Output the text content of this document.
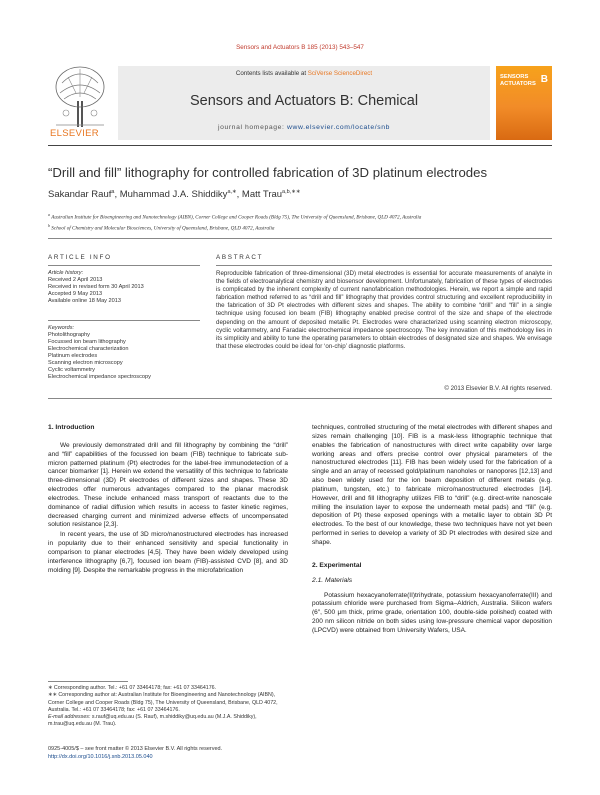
Sensors and Actuators B 185 (2013) 543–547
ELSEVIER
Contents lists available at SciVerse ScienceDirect
Sensors and Actuators B: Chemical
journal homepage: www.elsevier.com/locate/snb
SENSORS
ACTUATORS B
“Drill and fill” lithography for controlled fabrication of 3D platinum electrodes
Sakandar Rauf$^a$, Muhammad J.A. Shiddiky$^{a,∗}$, Matt Trau$^{a,b,∗∗}$
$^a$ Australian Institute for Bioengineering and Nanotechnology (AIBN), Corner College and Cooper Roads (Bldg 75), The University of Queensland, Brisbane, QLD 4072, Australia
$^b$ School of Chemistry and Molecular Biosciences, University of Queensland, Brisbane, QLD 4072, Australia
ARTICLE INFO	ABSTRACT
Article history:
Received 2 April 2013
Received in revised form 30 April 2013
Accepted 9 May 2013
Available online 18 May 2013
Keywords:
Photolithography
Focussed ion beam lithography
Electrochemical characterization
Platinum electrodes
Scanning electron microscopy
Cyclic voltammetry
Electrochemical impedance spectroscopy
Reproducible fabrication of three-dimensional (3D) metal electrodes is essential for accurate measurements of analyte in the fields of electroanalytical chemistry and biosensor development. Unfortunately, fabrication of these types of electrodes is complicated by the inherent complexity of current nanofabrication methodologies. Herein, we report a simple and rapid fabrication method referred to as “drill and fill” lithography that provides control structuring and excellent reproducibility in the fabrication of 3D Pt electrodes with different sizes and shapes. The ability to combine “drill” and “fill” in a single technique using focused ion beam (FIB) lithography enabled precise control of the size and shape of the electrode depending on the amount of deposited metallic Pt. Electrodes were characterized using scanning electron microscopy, cyclic voltammetry, and Faradaic electrochemical impedance spectroscopy. The key innovation of this methodology lies in its simplicity and ability to tune the operating parameters to obtain electrodes of designated size and shapes. We envisage that these electrodes could be ideal for ‘on-chip’ diagnostic platforms.
© 2013 Elsevier B.V. All rights reserved.
1. Introduction

We previously demonstrated drill and fill lithography by combining the “drill” and “fill” capabilities of the focussed ion beam (FIB) technique to fabricate sub-micron patterned platinum (Pt) electrodes for the label-free immunodetection of a cancer biomarker [1]. Herein we extend the versatility of this technique to fabricate three-dimensional (3D) Pt electrodes of different sizes and shapes. These 3D electrodes offer numerous advantages compared to the planar macrodisk electrodes. These include enhanced mass transport of reactants due to the dominance of radial diffusion which results in access to faster kinetic regimes, decreased charging current and minimized adverse effects of uncompensated solution resistance [2,3].

In recent years, the use of 3D micro/nanostructured electrodes has increased in popularity due to their enhanced sensitivity and special functionality in comparison to planar electrodes [4,5]. They have been widely developed using interference lithography [6,7], focused ion beam (FIB)-assisted CVD [8], and 3D molding [9]. Despite the remarkable progress in the microfabrication

techniques, controlled structuring of the metal electrodes with different shapes and sizes remain challenging [10]. FIB is a mask-less lithographic technique that enables the fabrication of nanostructures with direct write capability over large working areas and offers precise control over physical parameters of the nanostructured electrodes [11]. FIB has been widely used for the fabrication of a single and an array of recessed gold/platinum nanoholes or nanopores [12,13] and also been widely used for the ion beam deposition of different metals (e.g. platinum, tungsten, etc.) to fabricate micro/nanostructured electrodes [14]. However, drill and fill lithography utilizes FIB to “drill” (e.g. direct-write nanoscale milling the insulation layer to expose the underneath metal pads) and “fill” (e.g. deposition of Pt) these exposed openings with a metallic layer to obtain 3D Pt electrodes. To the best of our knowledge, these two techniques have not yet been performed in series to develop a variety of 3D Pt electrodes with desired size and shape.

2. Experimental
2.1. Materials

Potassium hexacyanoferrate(II)trihydrate, potassium hexacyanoferrate(III) and potassium chloride were purchased from Sigma–Aldrich, Australia. Silicon wafers (6″, 500 μm thick, prime grade, orientation 100, double-side polished) coated with 200 nm silicon nitride on both sides using low-pressure chemical vapor deposition (LPCVD) were obtained from University Wafers, USA.

∗ Corresponding author. Tel.: +61 07 33464178; fax: +61 07 33464176.
∗∗ Corresponding author at: Australian Institute for Bioengineering and Nanotechnology (AIBN), Corner College and Cooper Roads (Bldg 75), The University of Queensland, Brisbane, QLD 4072, Australia. Tel.: +61 07 33464178; fax: +61 07 33464176.
E-mail addresses: s.rauf@uq.edu.au (S. Rauf), m.shiddiky@uq.edu.au (M.J.A. Shiddiky), m.trau@uq.edu.au (M. Trau).
0925-4005/$ – see front matter © 2013 Elsevier B.V. All rights reserved.
http://dx.doi.org/10.1016/j.snb.2013.05.040
